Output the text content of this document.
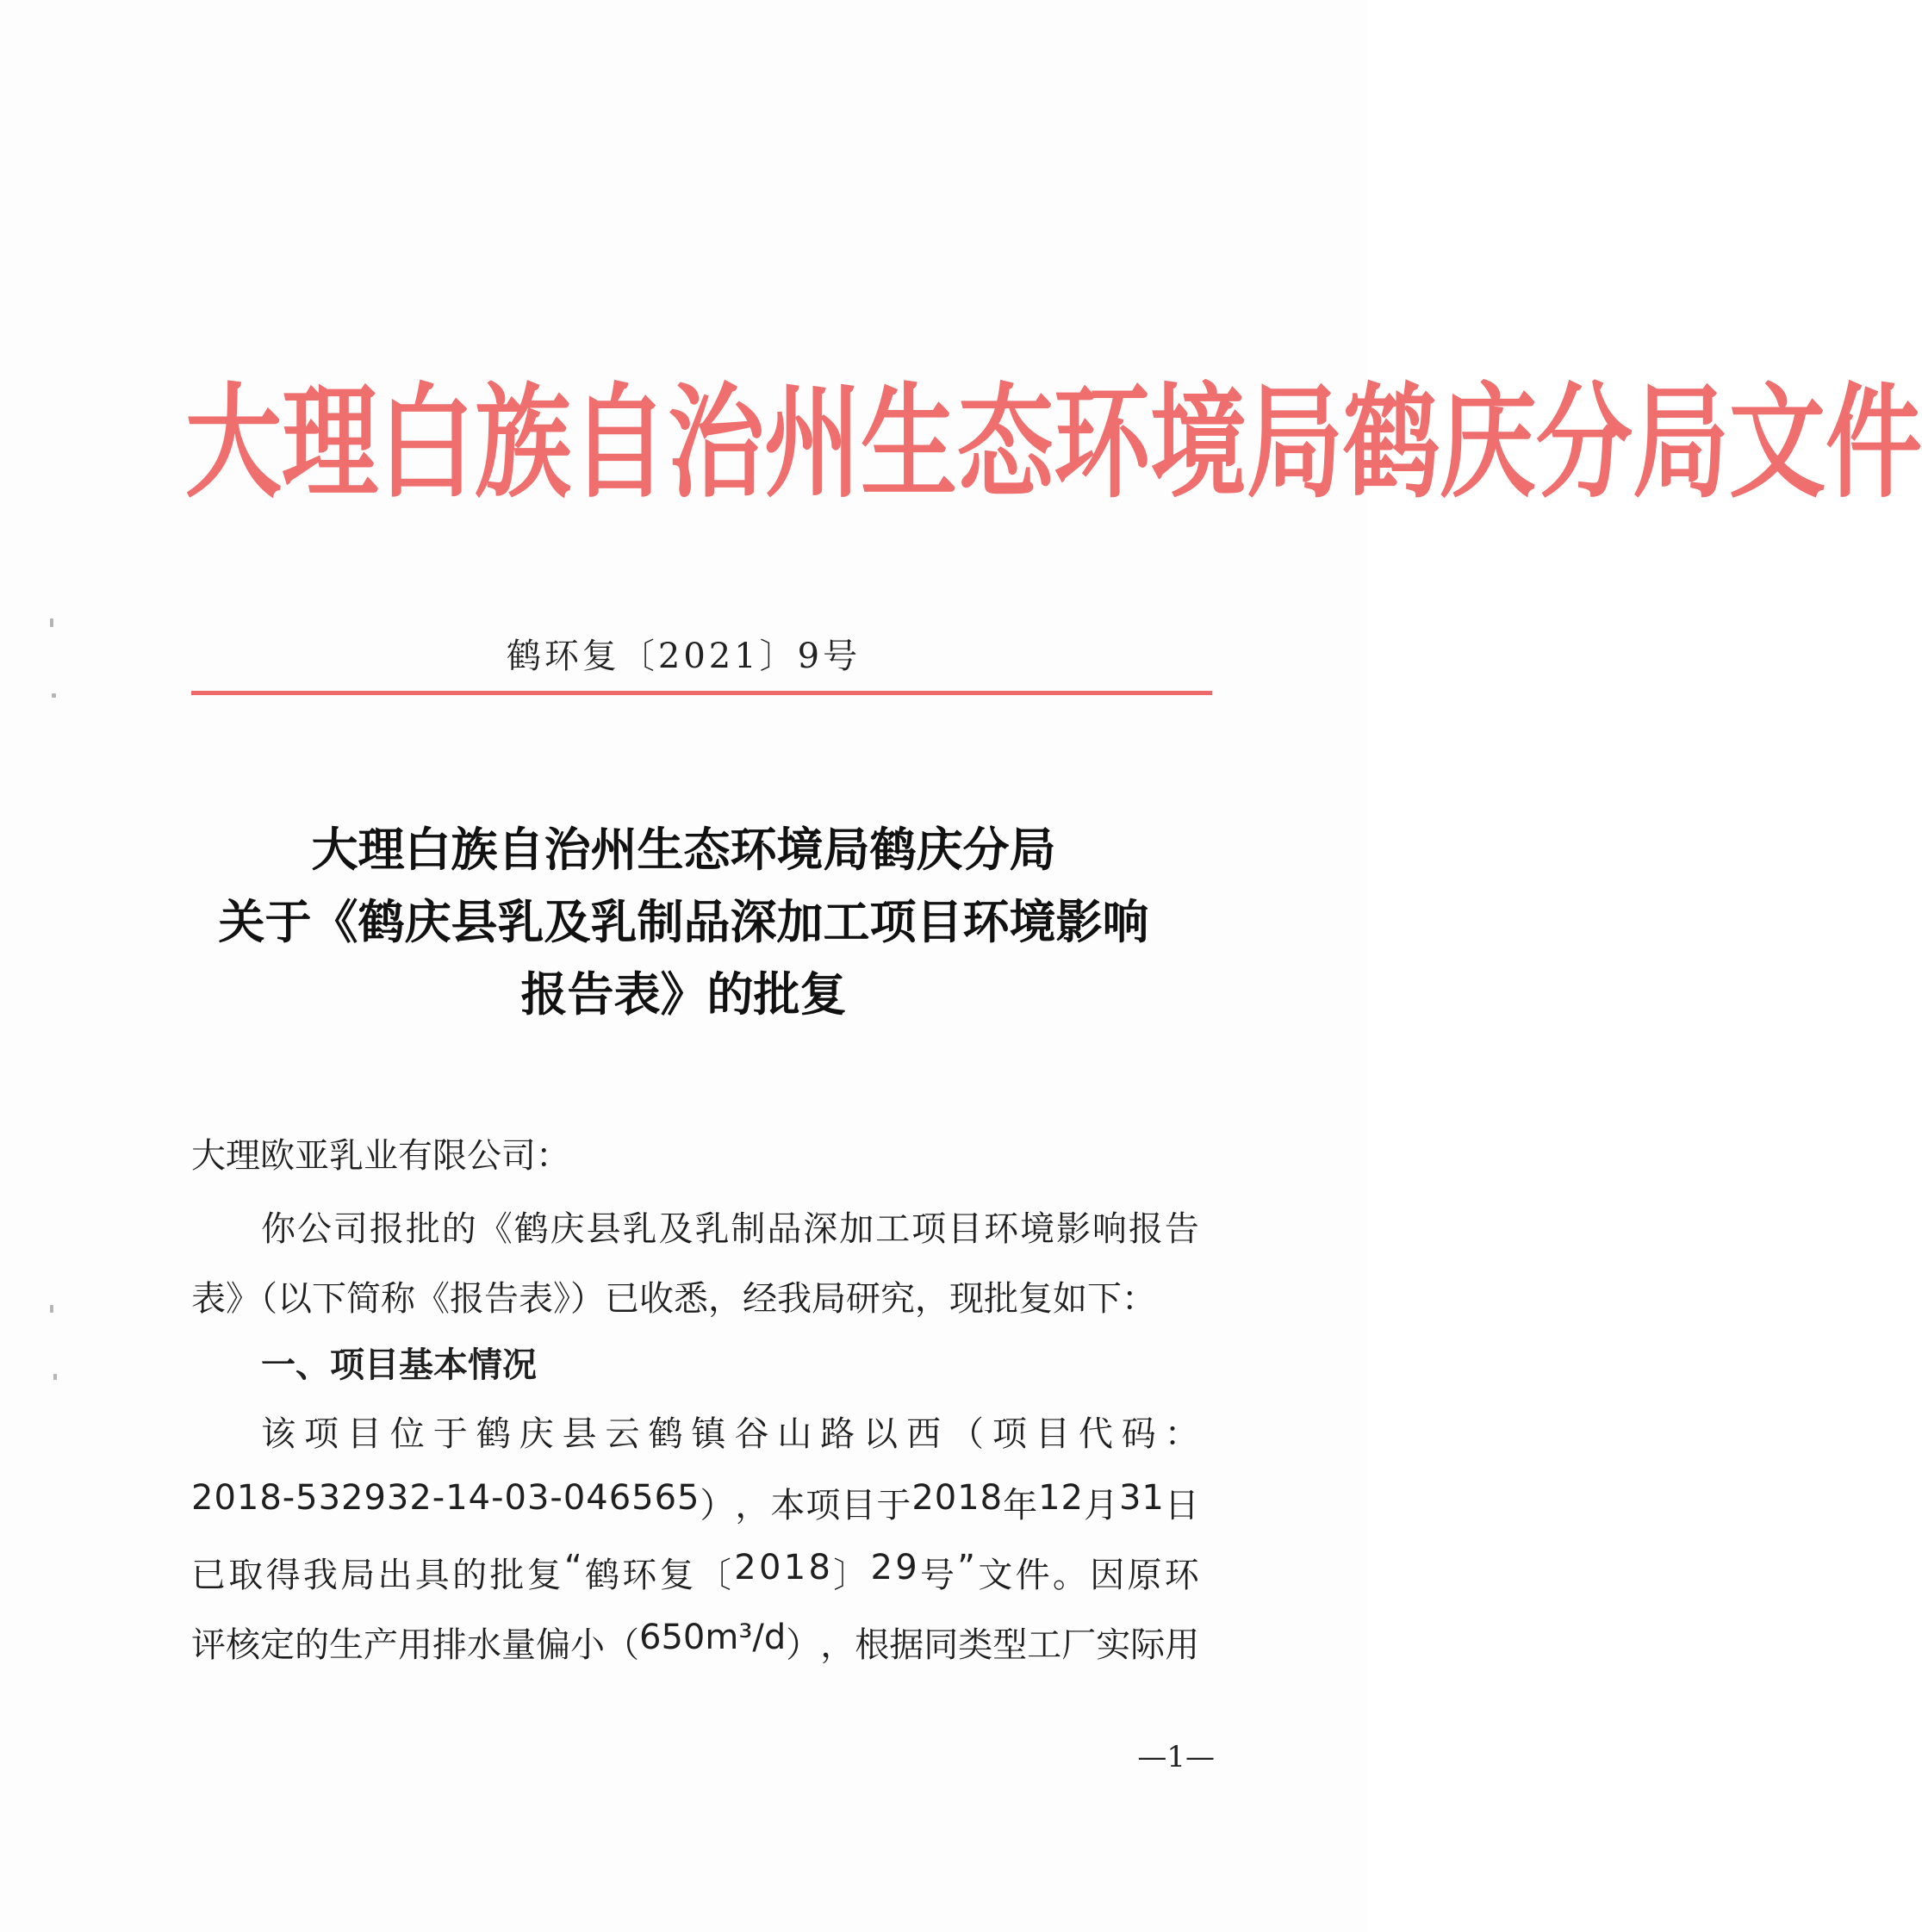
大 理 白 族 自 治 州 生 态 环 境 局 鹤 庆 分 局 文 件
鹤环复〔2021〕9号
大理白族自治州生态环境局鹤庆分局
关于《鹤庆县乳及乳制品深加工项目环境影响
报告表》的批复
大理欧亚乳业有限公司：
你 公 司 报 批 的 《 鹤 庆 县 乳 及 乳 制 品 深 加 工 项 目 环 境 影 响 报 告
表》（以下简称《报告表》）已收悉，经我局研究，现批复如下：
一、项目基本情况
该 项 目 位 于 鹤 庆 县 云 鹤 镇 谷 山 路 以 西 （ 项 目 代 码 ：
2 0 1 8 - 5 3 2 9 3 2 - 1 4 - 0 3 - 0 4 6 5 6 5 ） ， 本 项 目 于 2 0 1 8 年 1 2 月 3 1 日
已 取 得 我 局 出 具 的 批 复 “ 鹤 环 复 〔 2 0 1 8 〕 2 9 号 ” 文 件 。 因 原 环
评 核 定 的 生 产 用 排 水 量 偏 小 （ 6 5 0 m ³ / d ） ， 根 据 同 类 型 工 厂 实 际 用
—1—
